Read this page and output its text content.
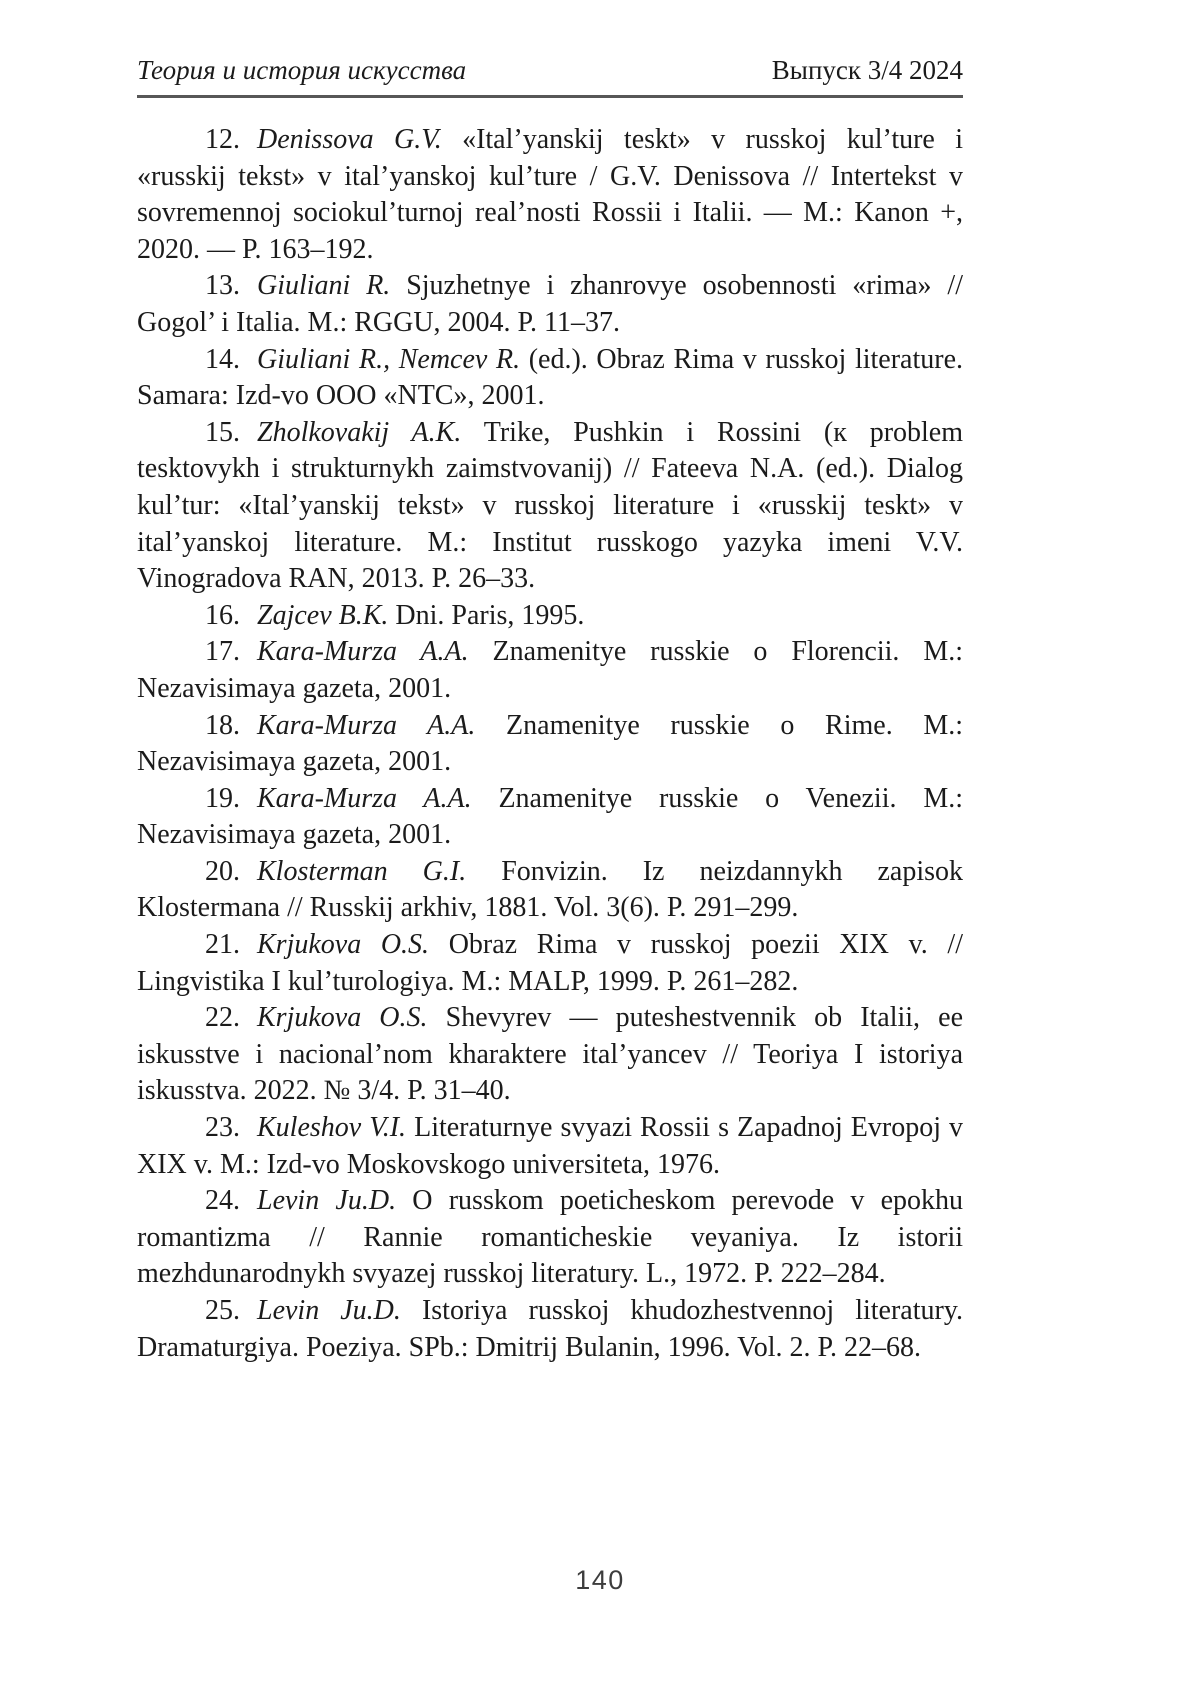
Теория и история искусства	Выпуск 3/4 2024

12. Denissova G.V. «Ital’yanskij teskt» v russkoj kul’ture i «russkij tekst» v ital’yanskoj kul’ture / G.V. Denissova // Intertekst v sovremennoj sociokul’turnoj real’nosti Rossii i Italii. — M.: Kanon +, 2020. — P. 163–192.

13. Giuliani R. Sjuzhetnye i zhanrovye osobennosti «rima» // Gogol’ i Italia. M.: RGGU, 2004. P. 11–37.

14. Giuliani R., Nemcev R. (ed.). Obraz Rima v russkoj literature. Samara: Izd-vo OOO «NTC», 2001.

15. Zholkovakij A.K. Trike, Pushkin i Rossini (к problem tesktovykh i strukturnykh zaimstvovanij) // Fateeva N.A. (ed.). Dialog kul’tur: «Ital’yanskij tekst» v russkoj literature i «russkij teskt» v ital’yanskoj literature. M.: Institut russkogo yazyka imeni V.V. Vinogradova RAN, 2013. P. 26–33.

16. Zajcev B.K. Dni. Paris, 1995.

17. Kara-Murza A.A. Znamenitye russkie o Florencii. M.: Nezavisimaya gazeta, 2001.

18. Kara-Murza A.A. Znamenitye russkie o Rime. M.: Nezavisimaya gazeta, 2001.

19. Kara-Murza A.A. Znamenitye russkie o Venezii. M.: Nezavisimaya gazeta, 2001.

20. Klosterman G.I. Fonvizin. Iz neizdannykh zapisok Klostermana // Russkij arkhiv, 1881. Vol. 3(6). P. 291–299.

21. Krjukova O.S. Obraz Rima v russkoj poezii XIX v. // Lingvistika I kul’turologiya. M.: MALP, 1999. P. 261–282.

22. Krjukova O.S. Shevyrev — puteshestvennik ob Italii, ee iskusstve i nacional’nom kharaktere ital’yancev // Teoriya I istoriya iskusstva. 2022. № 3/4. P. 31–40.

23. Kuleshov V.I. Literaturnye svyazi Rossii s Zapadnoj Evropoj v XIX v. M.: Izd-vo Moskovskogo universiteta, 1976.

24. Levin Ju.D. O russkom poeticheskom perevode v epokhu romantizma // Rannie romanticheskie veyaniya. Iz istorii mezhdunarodnykh svyazej russkoj literatury. L., 1972. P. 222–284.

25. Levin Ju.D. Istoriya russkoj khudozhestvennoj literatury. Dramaturgiya. Poeziya. SPb.: Dmitrij Bulanin, 1996. Vol. 2. P. 22–68.

140
